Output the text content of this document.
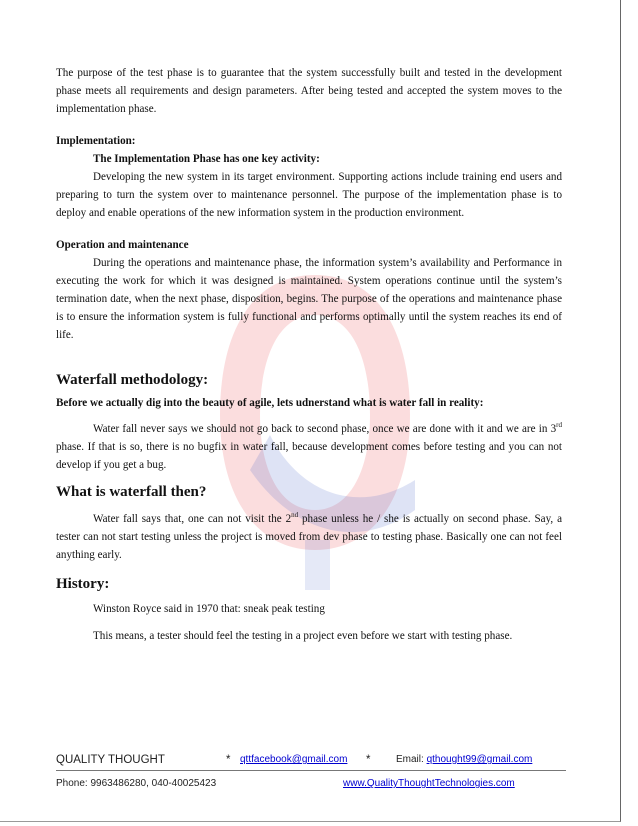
The purpose of the test phase is to guarantee that the system successfully built and tested in the development phase meets all requirements and design parameters. After being tested and accepted the system moves to the implementation phase.

Implementation:

The Implementation Phase has one key activity:

Developing the new system in its target environment. Supporting actions include training end users and preparing to turn the system over to maintenance personnel. The purpose of the implementation phase is to deploy and enable operations of the new information system in the production environment.

Operation and maintenance

During the operations and maintenance phase, the information system’s availability and Performance in executing the work for which it was designed is maintained. System operations continue until the system’s termination date, when the next phase, disposition, begins. The purpose of the operations and maintenance phase is to ensure the information system is fully functional and performs optimally until the system reaches its end of life.

Waterfall methodology:

Before we actually dig into the beauty of agile, lets udnerstand what is water fall in reality:

Water fall never says we should not go back to second phase, once we are done with it and we are in 3rd phase. If that is so, there is no bugfix in water fall, because development comes before testing and you can not develop if you get a bug.

What is waterfall then?

Water fall says that, one can not visit the 2nd phase unless he / she is actually on second phase. Say, a tester can not start testing unless the project is moved from dev phase to testing phase. Basically one can not feel anything early.

History:

Winston Royce said in 1970 that: sneak peak testing

This means, a tester should feel the testing in a project even before we start with testing phase.

QUALITY THOUGHT	* qttfacebook@gmail.com *	Email: qthought99@gmail.com
Phone: 9963486280, 040-40025423	www.QualityThoughtTechnologies.com
